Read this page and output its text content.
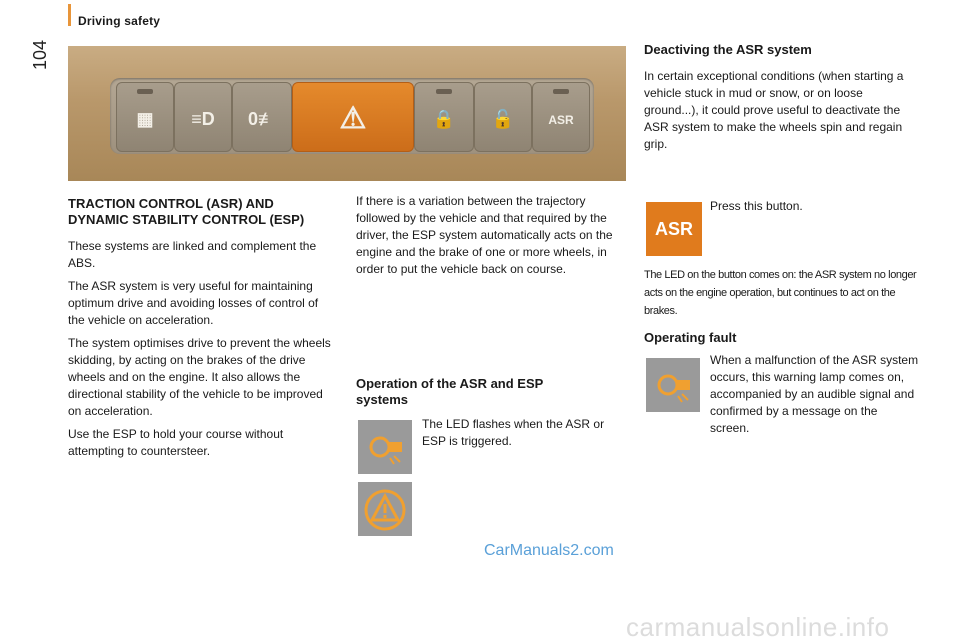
Driving safety
104
▦	≡D	0≢	⚠	🔒	🔓	ASR
TRACTION CONTROL (ASR) AND DYNAMIC STABILITY CONTROL (ESP)

These systems are linked and complement the ABS.

The ASR system is very useful for maintaining optimum drive and avoiding losses of control of the vehicle on acceleration.

The system optimises drive to prevent the wheels skidding, by acting on the brakes of the drive wheels and on the engine. It also allows the directional stability of the vehicle to be improved on acceleration.

Use the ESP to hold your course without attempting to countersteer.

If there is a variation between the trajectory followed by the vehicle and that required by the driver, the ESP system automatically acts on the engine and the brake of one or more wheels, in order to put the vehicle back on course.
Operation of the ASR and ESP systems
The LED flashes when the ASR or ESP is triggered.
Deactiving the ASR system
In certain exceptional conditions (when starting a vehicle stuck in mud or snow, or on loose ground...), it could prove useful to deactivate the ASR system to make the wheels spin and regain grip.
ASR
Press this button.
The LED on the button comes on: the ASR system no longer acts on the engine operation, but continues to act on the brakes.
Operating fault
When a malfunction of the ASR system occurs, this warning lamp comes on, accompanied by an audible signal and confirmed by a message on the screen.
CarManuals2.com
carmanualsonline.info
